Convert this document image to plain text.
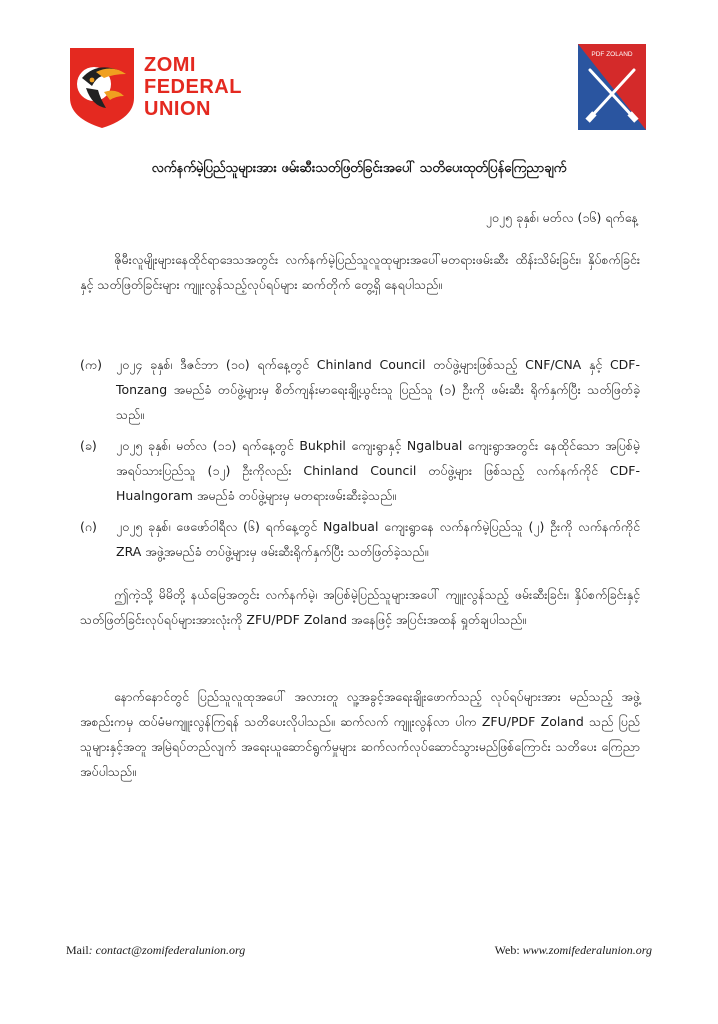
ZOMI
FEDERAL
UNION
PDF ZOLAND
လက်နက်မဲ့ပြည်သူများအား ဖမ်းဆီးသတ်ဖြတ်ခြင်းအပေါ် သတိပေးထုတ်ပြန်ကြေညာချက်
၂၀၂၅ ခုနှစ်၊ မတ်လ (၁၆) ရက်နေ့
ဇိုမီးလူမျိုးများနေထိုင်ရာဒေသအတွင်း လက်နက်မဲ့ပြည်သူလူထုများအပေါ်မတရားဖမ်းဆီး ထိန်းသိမ်းခြင်း၊ နှိပ်စက်ခြင်းနှင့် သတ်ဖြတ်ခြင်းများ ကျူးလွန်သည့်လုပ်ရပ်များ ဆက်တိုက် တွေ့ရှိ နေရပါသည်။
(က) ၂၀၂၄ ခုနှစ်၊ ဒီဇင်ဘာ (၁၀) ရက်နေ့တွင် Chinland Council တပ်ဖွဲ့များဖြစ်သည့် CNF/CNA နှင့် CDF-Tonzang အမည်ခံ တပ်ဖွဲ့များမှ စိတ်ကျန်းမာရေးချို့ယွင်းသူ ပြည်သူ (၁) ဦးကို ဖမ်းဆီး ရိုက်နှက်ပြီး သတ်ဖြတ်ခဲ့သည်။
(ခ) ၂၀၂၅ ခုနှစ်၊ မတ်လ (၁၁) ရက်နေ့တွင် Bukphil ကျေးရွာနှင့် Ngalbual ကျေးရွာအတွင်း နေထိုင်သော အပြစ်မဲ့အရပ်သားပြည်သူ (၁၂) ဦးကိုလည်း Chinland Council တပ်ဖွဲ့များ ဖြစ်သည့် လက်နက်ကိုင် CDF-Hualngoram အမည်ခံ တပ်ဖွဲ့များမှ မတရားဖမ်းဆီးခဲ့သည်။
(ဂ) ၂၀၂၅ ခုနှစ်၊ ဖေဖော်ဝါရီလ (၆) ရက်နေ့တွင် Ngalbual ကျေးရွာနေ လက်နက်မဲ့ပြည်သူ (၂) ဦးကို လက်နက်ကိုင် ZRA အဖွဲ့အမည်ခံ တပ်ဖွဲ့များမှ ဖမ်းဆီးရိုက်နှက်ပြီး သတ်ဖြတ်ခဲ့သည်။
ဤကဲ့သို့ မိမိတို့ နယ်မြေအတွင်း လက်နက်မဲ့၊ အပြစ်မဲ့ပြည်သူများအပေါ် ကျူးလွန်သည့် ဖမ်းဆီးခြင်း၊ နှိပ်စက်ခြင်းနှင့် သတ်ဖြတ်ခြင်းလုပ်ရပ်များအားလုံးကို ZFU/PDF Zoland အနေဖြင့် အပြင်းအထန် ရှုတ်ချပါသည်။
နောက်နောင်တွင် ပြည်သူလူထုအပေါ် အလားတူ လူ့အခွင့်အရေးချိုးဖောက်သည့် လုပ်ရပ်များအား မည်သည့် အဖွဲ့အစည်းကမှ ထပ်မံမကျူးလွန်ကြရန် သတိပေးလိုပါသည်။ ဆက်လက် ကျူးလွန်လာ ပါက ZFU/PDF Zoland သည် ပြည်သူများနှင့်အတူ အမြဲရပ်တည်လျက် အရေးယူဆောင်ရွက်မှုများ ဆက်လက်လုပ်ဆောင်သွားမည်ဖြစ်ကြောင်း သတိပေး ကြေညာအပ်ပါသည်။
Mail: contact@zomifederalunion.org	Web: www.zomifederalunion.org
